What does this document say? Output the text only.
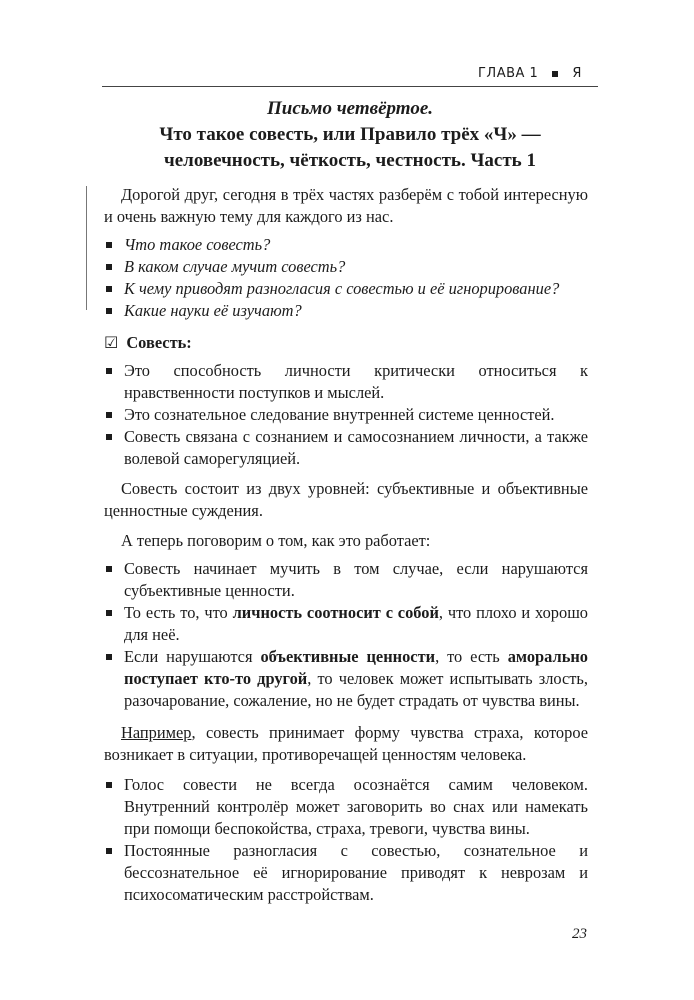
ГЛАВА 1	Я
Письмо четвёртое.
Что такое совесть, или Правило трёх «Ч» —
человечность, чёткость, честность. Часть 1

Дорогой друг, сегодня в трёх частях разберём с тобой интересную и очень важную тему для каждого из нас.

Что такое совесть?
В каком случае мучит совесть?
К чему приводят разногласия с совестью и её игнорирование?
Какие науки её изучают?
☑ Совесть:
Это способность личности критически относиться к нравственности поступков и мыслей.
Это сознательное следование внутренней системе ценностей.
Совесть связана с сознанием и самосознанием личности, а также волевой саморегуляцией.

Совесть состоит из двух уровней: субъективные и объективные ценностные суждения.

А теперь поговорим о том, как это работает:

Совесть начинает мучить в том случае, если нарушаются субъективные ценности.
То есть то, что личность соотносит с собой, что плохо и хорошо для неё.
Если нарушаются объективные ценности, то есть аморально поступает кто-то другой, то человек может испытывать злость, разочарование, сожаление, но не будет страдать от чувства вины.

Например, совесть принимает форму чувства страха, которое возникает в ситуации, противоречащей ценностям человека.

Голос совести не всегда осознаётся самим человеком. Внутренний контролёр может заговорить во снах или намекать при помощи беспокойства, страха, тревоги, чувства вины.
Постоянные разногласия с совестью, сознательное и бессознательное её игнорирование приводят к неврозам и психосоматическим расстройствам.
23
